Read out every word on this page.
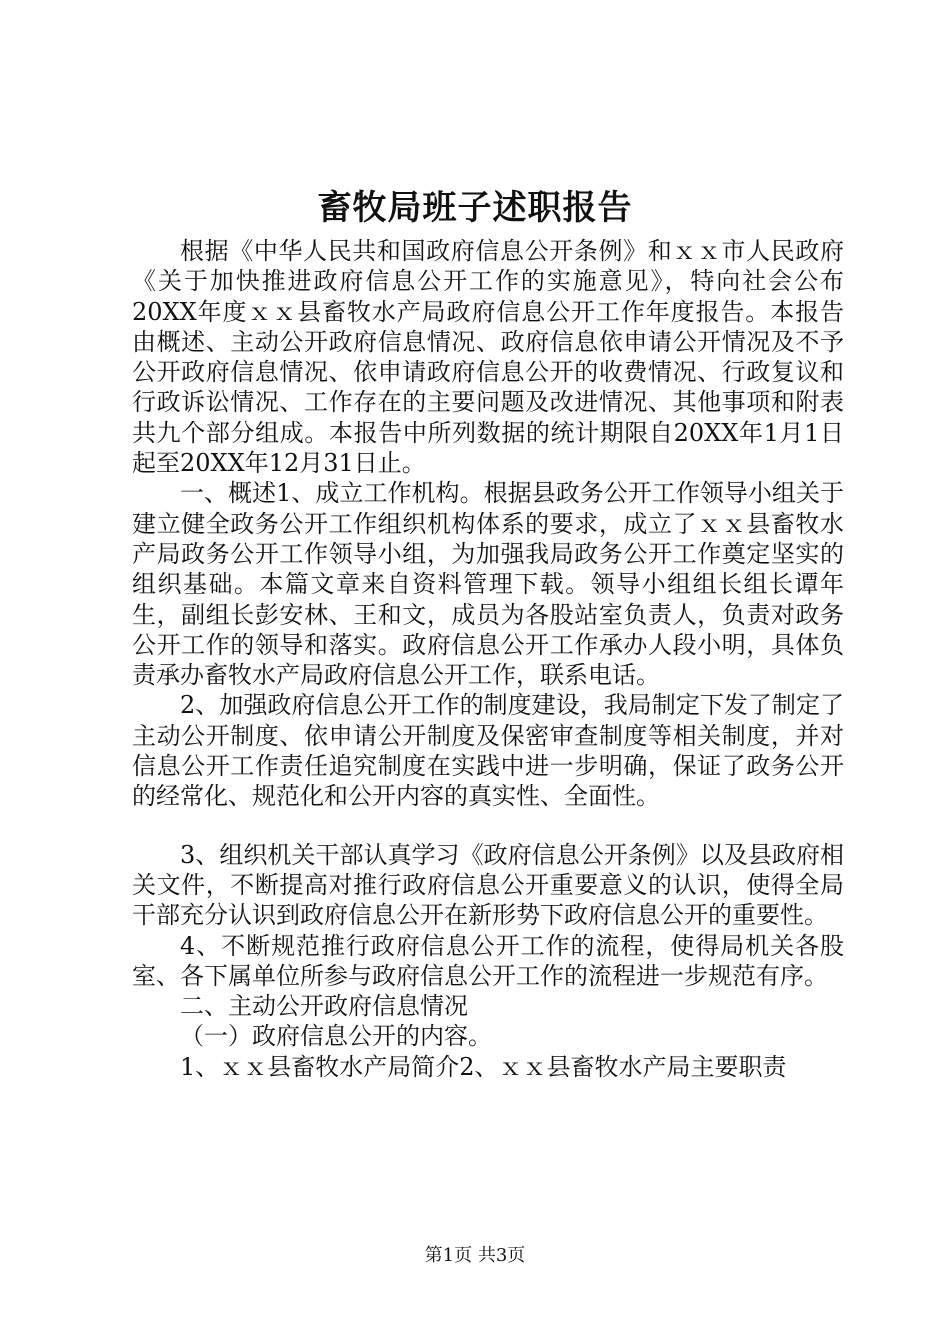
畜牧局班子述职报告

根据《中华人民共和国政府信息公开条例》和ｘｘ市人民政府《关于加快推进政府信息公开工作的实施意见》，特向社会公布20XX年度ｘｘ县畜牧水产局政府信息公开工作年度报告。本报告由概述、主动公开政府信息情况、政府信息依申请公开情况及不予公开政府信息情况、依申请政府信息公开的收费情况、行政复议和行政诉讼情况、工作存在的主要问题及改进情况、其他事项和附表共九个部分组成。本报告中所列数据的统计期限自20XX年1月1日起至20XX年12月31日止。

一、概述1、成立工作机构。根据县政务公开工作领导小组关于建立健全政务公开工作组织机构体系的要求，成立了ｘｘ县畜牧水产局政务公开工作领导小组，为加强我局政务公开工作奠定坚实的组织基础。本篇文章来自资料管理下载。领导小组组长组长谭年生，副组长彭安林、王和文，成员为各股站室负责人，负责对政务公开工作的领导和落实。政府信息公开工作承办人段小明，具体负责承办畜牧水产局政府信息公开工作，联系电话。

2、加强政府信息公开工作的制度建设，我局制定下发了制定了主动公开制度、依申请公开制度及保密审查制度等相关制度，并对信息公开工作责任追究制度在实践中进一步明确，保证了政务公开的经常化、规范化和公开内容的真实性、全面性。

3、组织机关干部认真学习《政府信息公开条例》以及县政府相关文件，不断提高对推行政府信息公开重要意义的认识，使得全局干部充分认识到政府信息公开在新形势下政府信息公开的重要性。

4、不断规范推行政府信息公开工作的流程，使得局机关各股室、各下属单位所参与政府信息公开工作的流程进一步规范有序。

二、主动公开政府信息情况

（一）政府信息公开的内容。

1、ｘｘ县畜牧水产局简介2、ｘｘ县畜牧水产局主要职责

第1页 共3页
